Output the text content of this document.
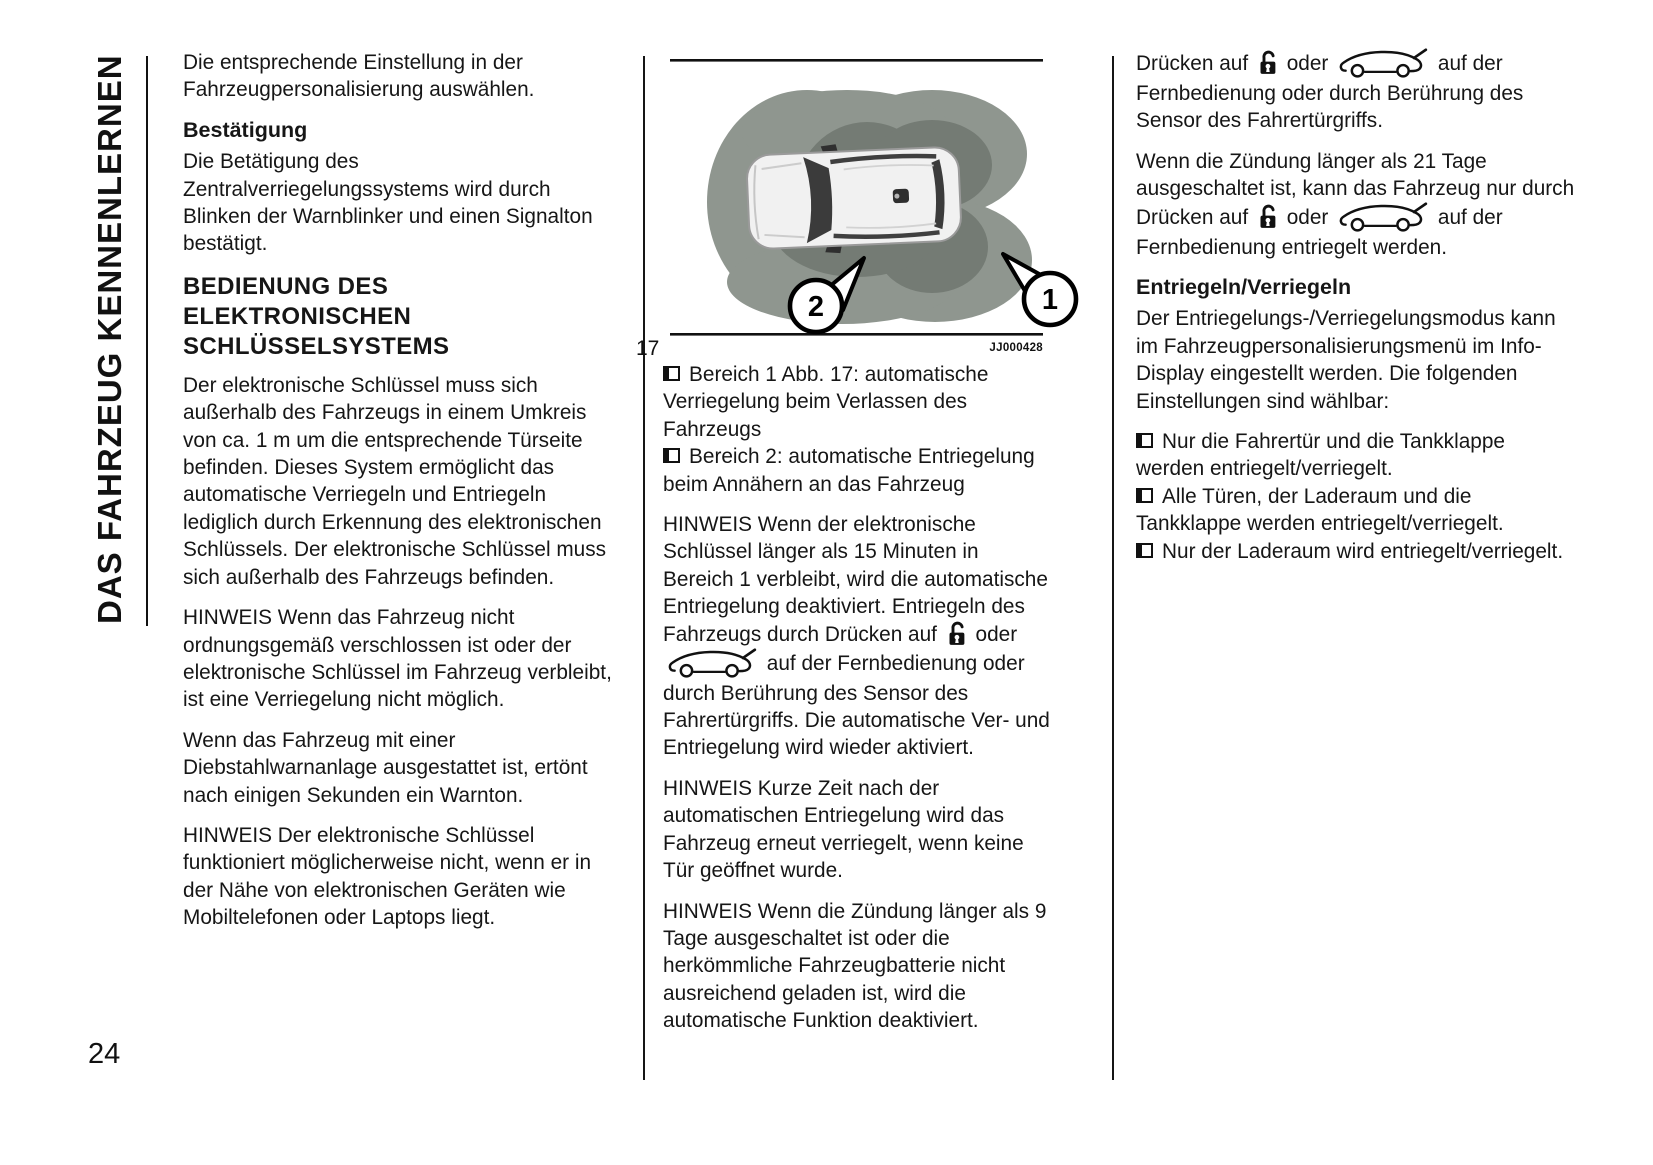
DAS FAHRZEUG KENNENLERNEN	Die entsprechende Einstellung in der Fahrzeugpersonalisierung auswählen.

Bestätigung

Die Betätigung des Zentralverriegelungssystems wird durch Blinken der Warnblinker und einen Signalton bestätigt.

BEDIENUNG DES ELEKTRONISCHEN SCHLÜSSELSYSTEMS

Der elektronische Schlüssel muss sich außerhalb des Fahrzeugs in einem Umkreis von ca. 1 m um die entsprechende Türseite befinden. Dieses System ermöglicht das automatische Verriegeln und Entriegeln lediglich durch Erkennung des elektronischen Schlüssels. Der elektronische Schlüssel muss sich außerhalb des Fahrzeugs befinden.

HINWEIS Wenn das Fahrzeug nicht ordnungsgemäß verschlossen ist oder der elektronische Schlüssel im Fahrzeug verbleibt, ist eine Verriegelung nicht möglich.

Wenn das Fahrzeug mit einer Diebstahlwarnanlage ausgestattet ist, ertönt nach einigen Sekunden ein Warnton.

HINWEIS Der elektronische Schlüssel funktioniert möglicherweise nicht, wenn er in der Nähe von elektronischen Geräten wie Mobiltelefonen oder Laptops liegt.

2	1
17	JJ000428
Bereich 1 Abb. 17: automatische Verriegelung beim Verlassen des Fahrzeugs
Bereich 2: automatische Entriegelung beim Annähern an das Fahrzeug

HINWEIS Wenn der elektronische Schlüssel länger als 15 Minuten in Bereich 1 verbleibt, wird die automatische Entriegelung deaktiviert. Entriegeln des Fahrzeugs durch Drücken auf  oder  auf der Fernbedienung oder durch Berührung des Sensor des Fahrertürgriffs. Die automatische Ver- und Entriegelung wird wieder aktiviert.

HINWEIS Kurze Zeit nach der automatischen Entriegelung wird das Fahrzeug erneut verriegelt, wenn keine Tür geöffnet wurde.

HINWEIS Wenn die Zündung länger als 9 Tage ausgeschaltet ist oder die herkömmliche Fahrzeugbatterie nicht ausreichend geladen ist, wird die automatische Funktion deaktiviert.

Drücken auf  oder	auf der Fernbedienung oder durch Berührung des Sensor des Fahrertürgriffs.

Wenn die Zündung länger als 21 Tage ausgeschaltet ist, kann das Fahrzeug nur durch Drücken auf  oder	auf der Fernbedienung entriegelt werden.

Entriegeln/Verriegeln

Der Entriegelungs-/Verriegelungsmodus kann im Fahrzeugpersonalisierungsmenü im Info-Display eingestellt werden. Die folgenden Einstellungen sind wählbar:

Nur die Fahrertür und die Tankklappe werden entriegelt/verriegelt.
Alle Türen, der Laderaum und die Tankklappe werden entriegelt/verriegelt.
Nur der Laderaum wird entriegelt/verriegelt.
24
